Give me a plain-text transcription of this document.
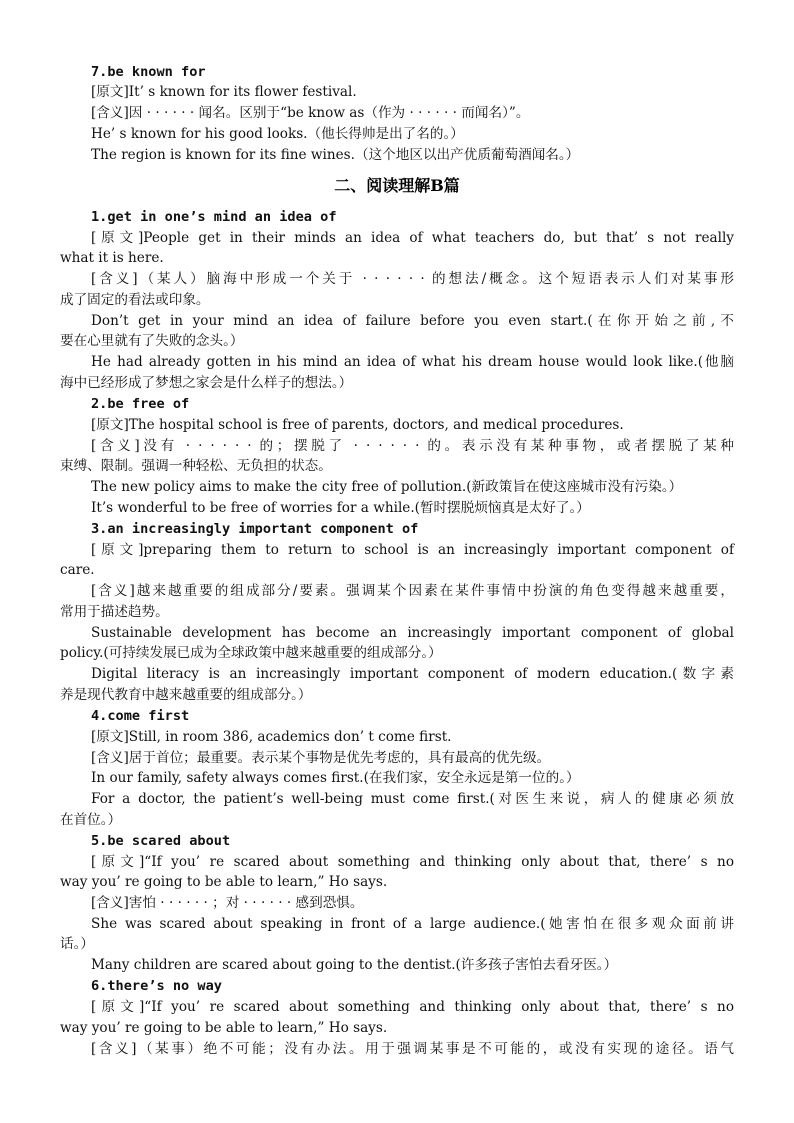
7.be known for
[原文]It’ s known for its flower festival.
[含义]因 · · · · · · 闻名。区别于“be know as（作为 · · · · · · 而闻名）”。
He’ s known for his good looks.（他长得帅是出了名的。）
The region is known for its fine wines.（这个地区以出产优质葡萄酒闻名。）
二、阅读理解B篇
1.get in one’s mind an idea of
[原文]People get in their minds an idea of what teachers do, but that’ s not really
what it is here.
[含义]（某人）脑海中形成一个关于 · · · · · · 的想法/概念。这个短语表示人们对某事形
成了固定的看法或印象。
Don’t get in your mind an idea of failure before you even start.(在你开始之前,不
要在心里就有了失败的念头。）
He had already gotten in his mind an idea of what his dream house would look like.(他脑
海中已经形成了梦想之家会是什么样子的想法。）
2.be free of
[原文]The hospital school is free of parents, doctors, and medical procedures.
[含义]没有 · · · · · · 的；摆脱了 · · · · · · 的。表示没有某种事物，或者摆脱了某种
束缚、限制。强调一种轻松、无负担的状态。
The new policy aims to make the city free of pollution.(新政策旨在使这座城市没有污染。）
It’s wonderful to be free of worries for a while.(暂时摆脱烦恼真是太好了。）
3.an increasingly important component of
[原文]preparing them to return to school is an increasingly important component of
care.
[含义]越来越重要的组成部分/要素。强调某个因素在某件事情中扮演的角色变得越来越重要，
常用于描述趋势。
Sustainable development has become an increasingly important component of global
policy.(可持续发展已成为全球政策中越来越重要的组成部分。）
Digital literacy is an increasingly important component of modern education.(数字素
养是现代教育中越来越重要的组成部分。）
4.come first
[原文]Still, in room 386, academics don’ t come first.
[含义]居于首位；最重要。表示某个事物是优先考虑的，具有最高的优先级。
In our family, safety always comes first.(在我们家，安全永远是第一位的。）
For a doctor, the patient’s well-being must come first.(对医生来说，病人的健康必须放
在首位。）
5.be scared about
[原文]“If you’ re scared about something and thinking only about that, there’ s no
way you’ re going to be able to learn,” Ho says.
[含义]害怕 · · · · · · ；对 · · · · · · 感到恐惧。
She was scared about speaking in front of a large audience.(她害怕在很多观众面前讲
话。）
Many children are scared about going to the dentist.(许多孩子害怕去看牙医。）
6.there’s no way
[原文]“If you’ re scared about something and thinking only about that, there’ s no
way you’ re going to be able to learn,” Ho says.
[含义]（某事）绝不可能；没有办法。用于强调某事是不可能的，或没有实现的途径。语气
